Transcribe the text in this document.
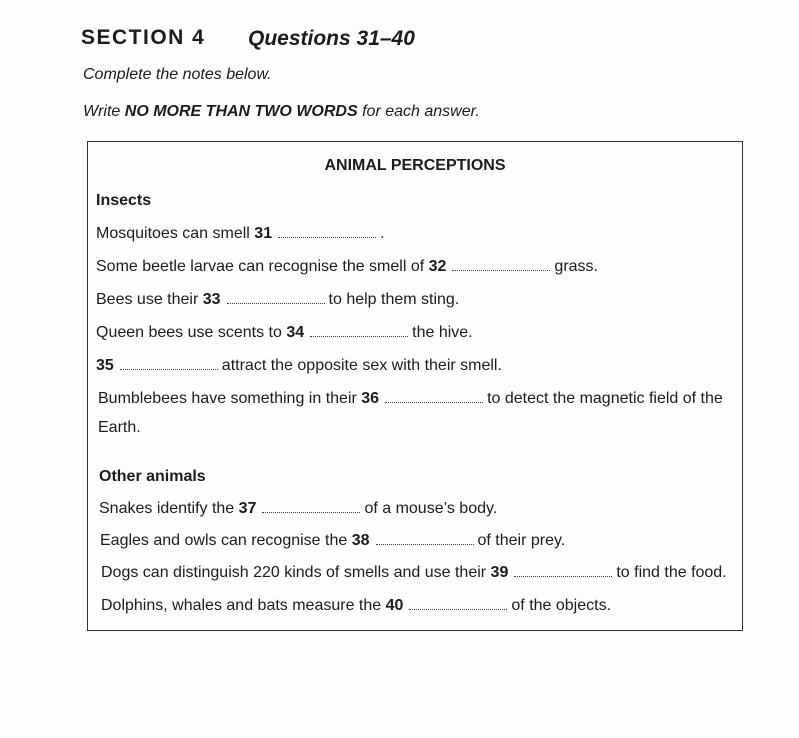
SECTION 4 Questions 31–40
Complete the notes below.
Write NO MORE THAN TWO WORDS for each answer.
ANIMAL PERCEPTIONS
Insects
Mosquitoes can smell 31	.
Some beetle larvae can recognise the smell of 32	grass.
Bees use their 33	to help them sting.
Queen bees use scents to 34	the hive.
35	attract the opposite sex with their smell.
Bumblebees have something in their 36	to detect the magnetic field of the Earth.
Other animals
Snakes identify the 37	of a mouse’s body.
Eagles and owls can recognise the 38	of their prey.
Dogs can distinguish 220 kinds of smells and use their 39	to find the food.
Dolphins, whales and bats measure the 40	of the objects.
